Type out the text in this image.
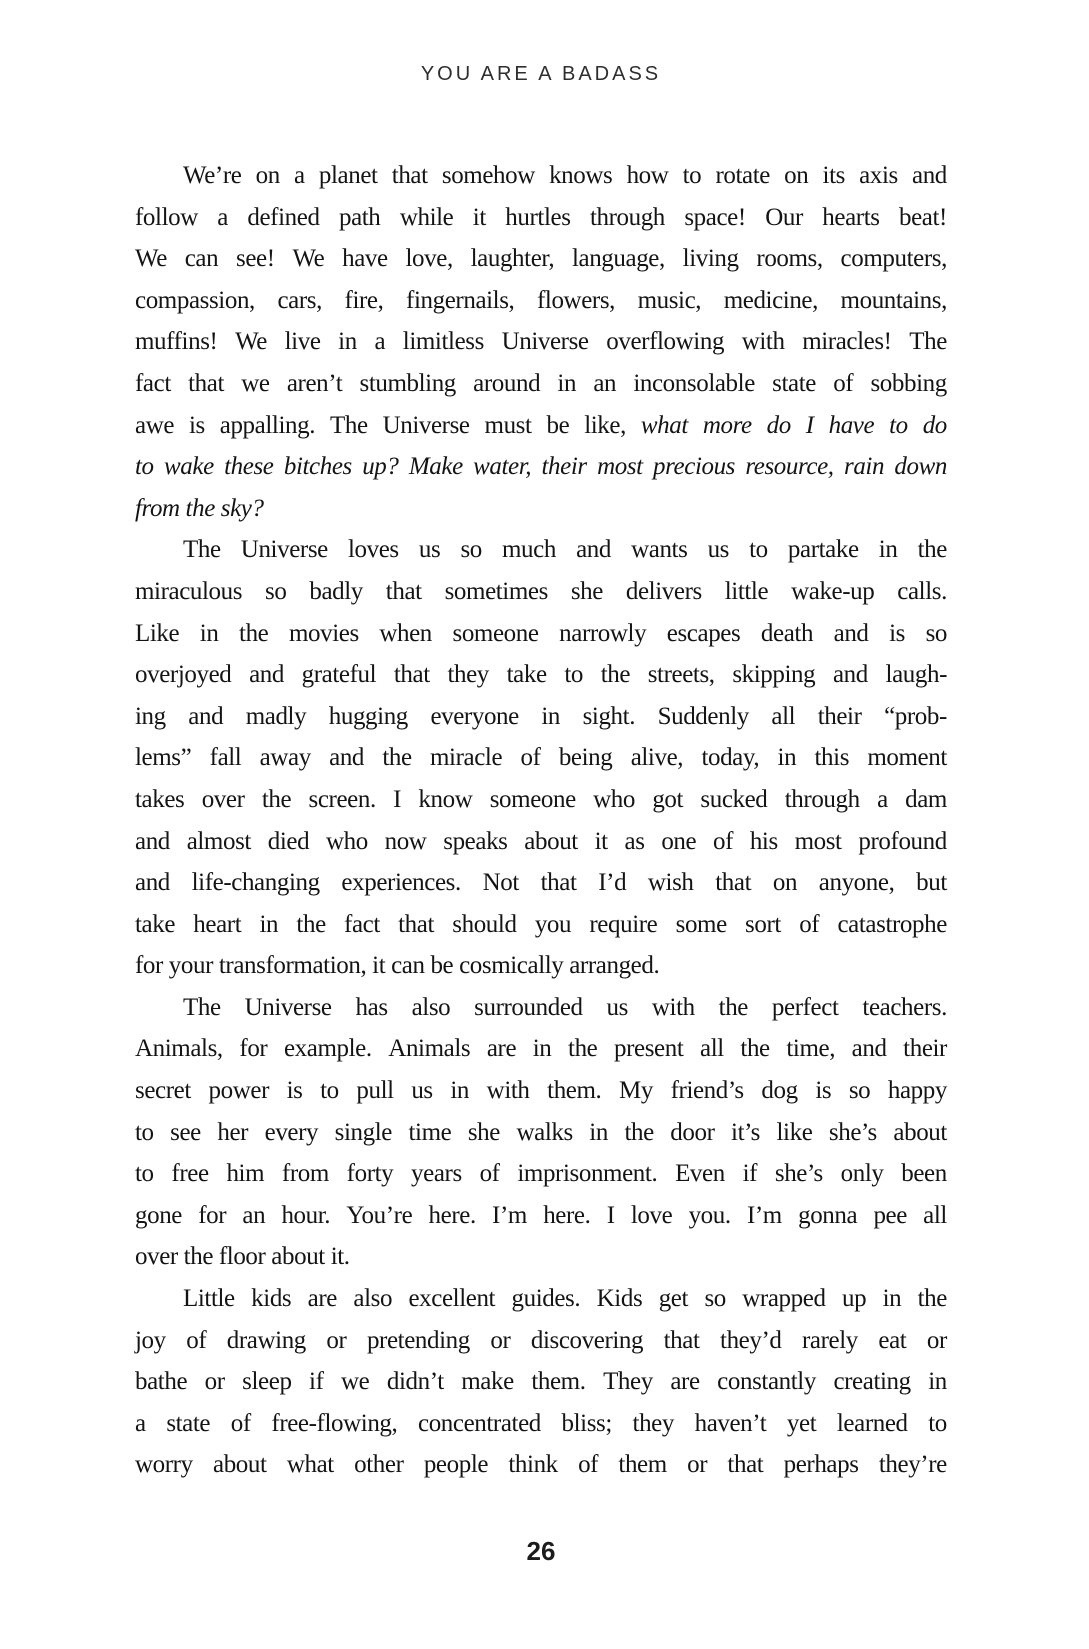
YOU ARE A BADASS
We’re on a planet that somehow knows how to rotate on its axis and
follow a defined path while it hurtles through space! Our hearts beat!
We can see! We have love, laughter, language, living rooms, computers,
compassion, cars, fire, fingernails, flowers, music, medicine, mountains,
muffins! We live in a limitless Universe overflowing with miracles! The
fact that we aren’t stumbling around in an inconsolable state of sobbing
awe is appalling. The Universe must be like, what more do I have to do
to wake these bitches up? Make water, their most precious resource, rain down
from the sky?
The Universe loves us so much and wants us to partake in the
miraculous so badly that sometimes she delivers little wake-up calls.
Like in the movies when someone narrowly escapes death and is so
overjoyed and grateful that they take to the streets, skipping and laugh-
ing and madly hugging everyone in sight. Suddenly all their “prob-
lems” fall away and the miracle of being alive, today, in this moment
takes over the screen. I know someone who got sucked through a dam
and almost died who now speaks about it as one of his most profound
and life-changing experiences. Not that I’d wish that on anyone, but
take heart in the fact that should you require some sort of catastrophe
for your transformation, it can be cosmically arranged.
The Universe has also surrounded us with the perfect teachers.
Animals, for example. Animals are in the present all the time, and their
secret power is to pull us in with them. My friend’s dog is so happy
to see her every single time she walks in the door it’s like she’s about
to free him from forty years of imprisonment. Even if she’s only been
gone for an hour. You’re here. I’m here. I love you. I’m gonna pee all
over the floor about it.
Little kids are also excellent guides. Kids get so wrapped up in the
joy of drawing or pretending or discovering that they’d rarely eat or
bathe or sleep if we didn’t make them. They are constantly creating in
a state of free-flowing, concentrated bliss; they haven’t yet learned to
worry about what other people think of them or that perhaps they’re
26
